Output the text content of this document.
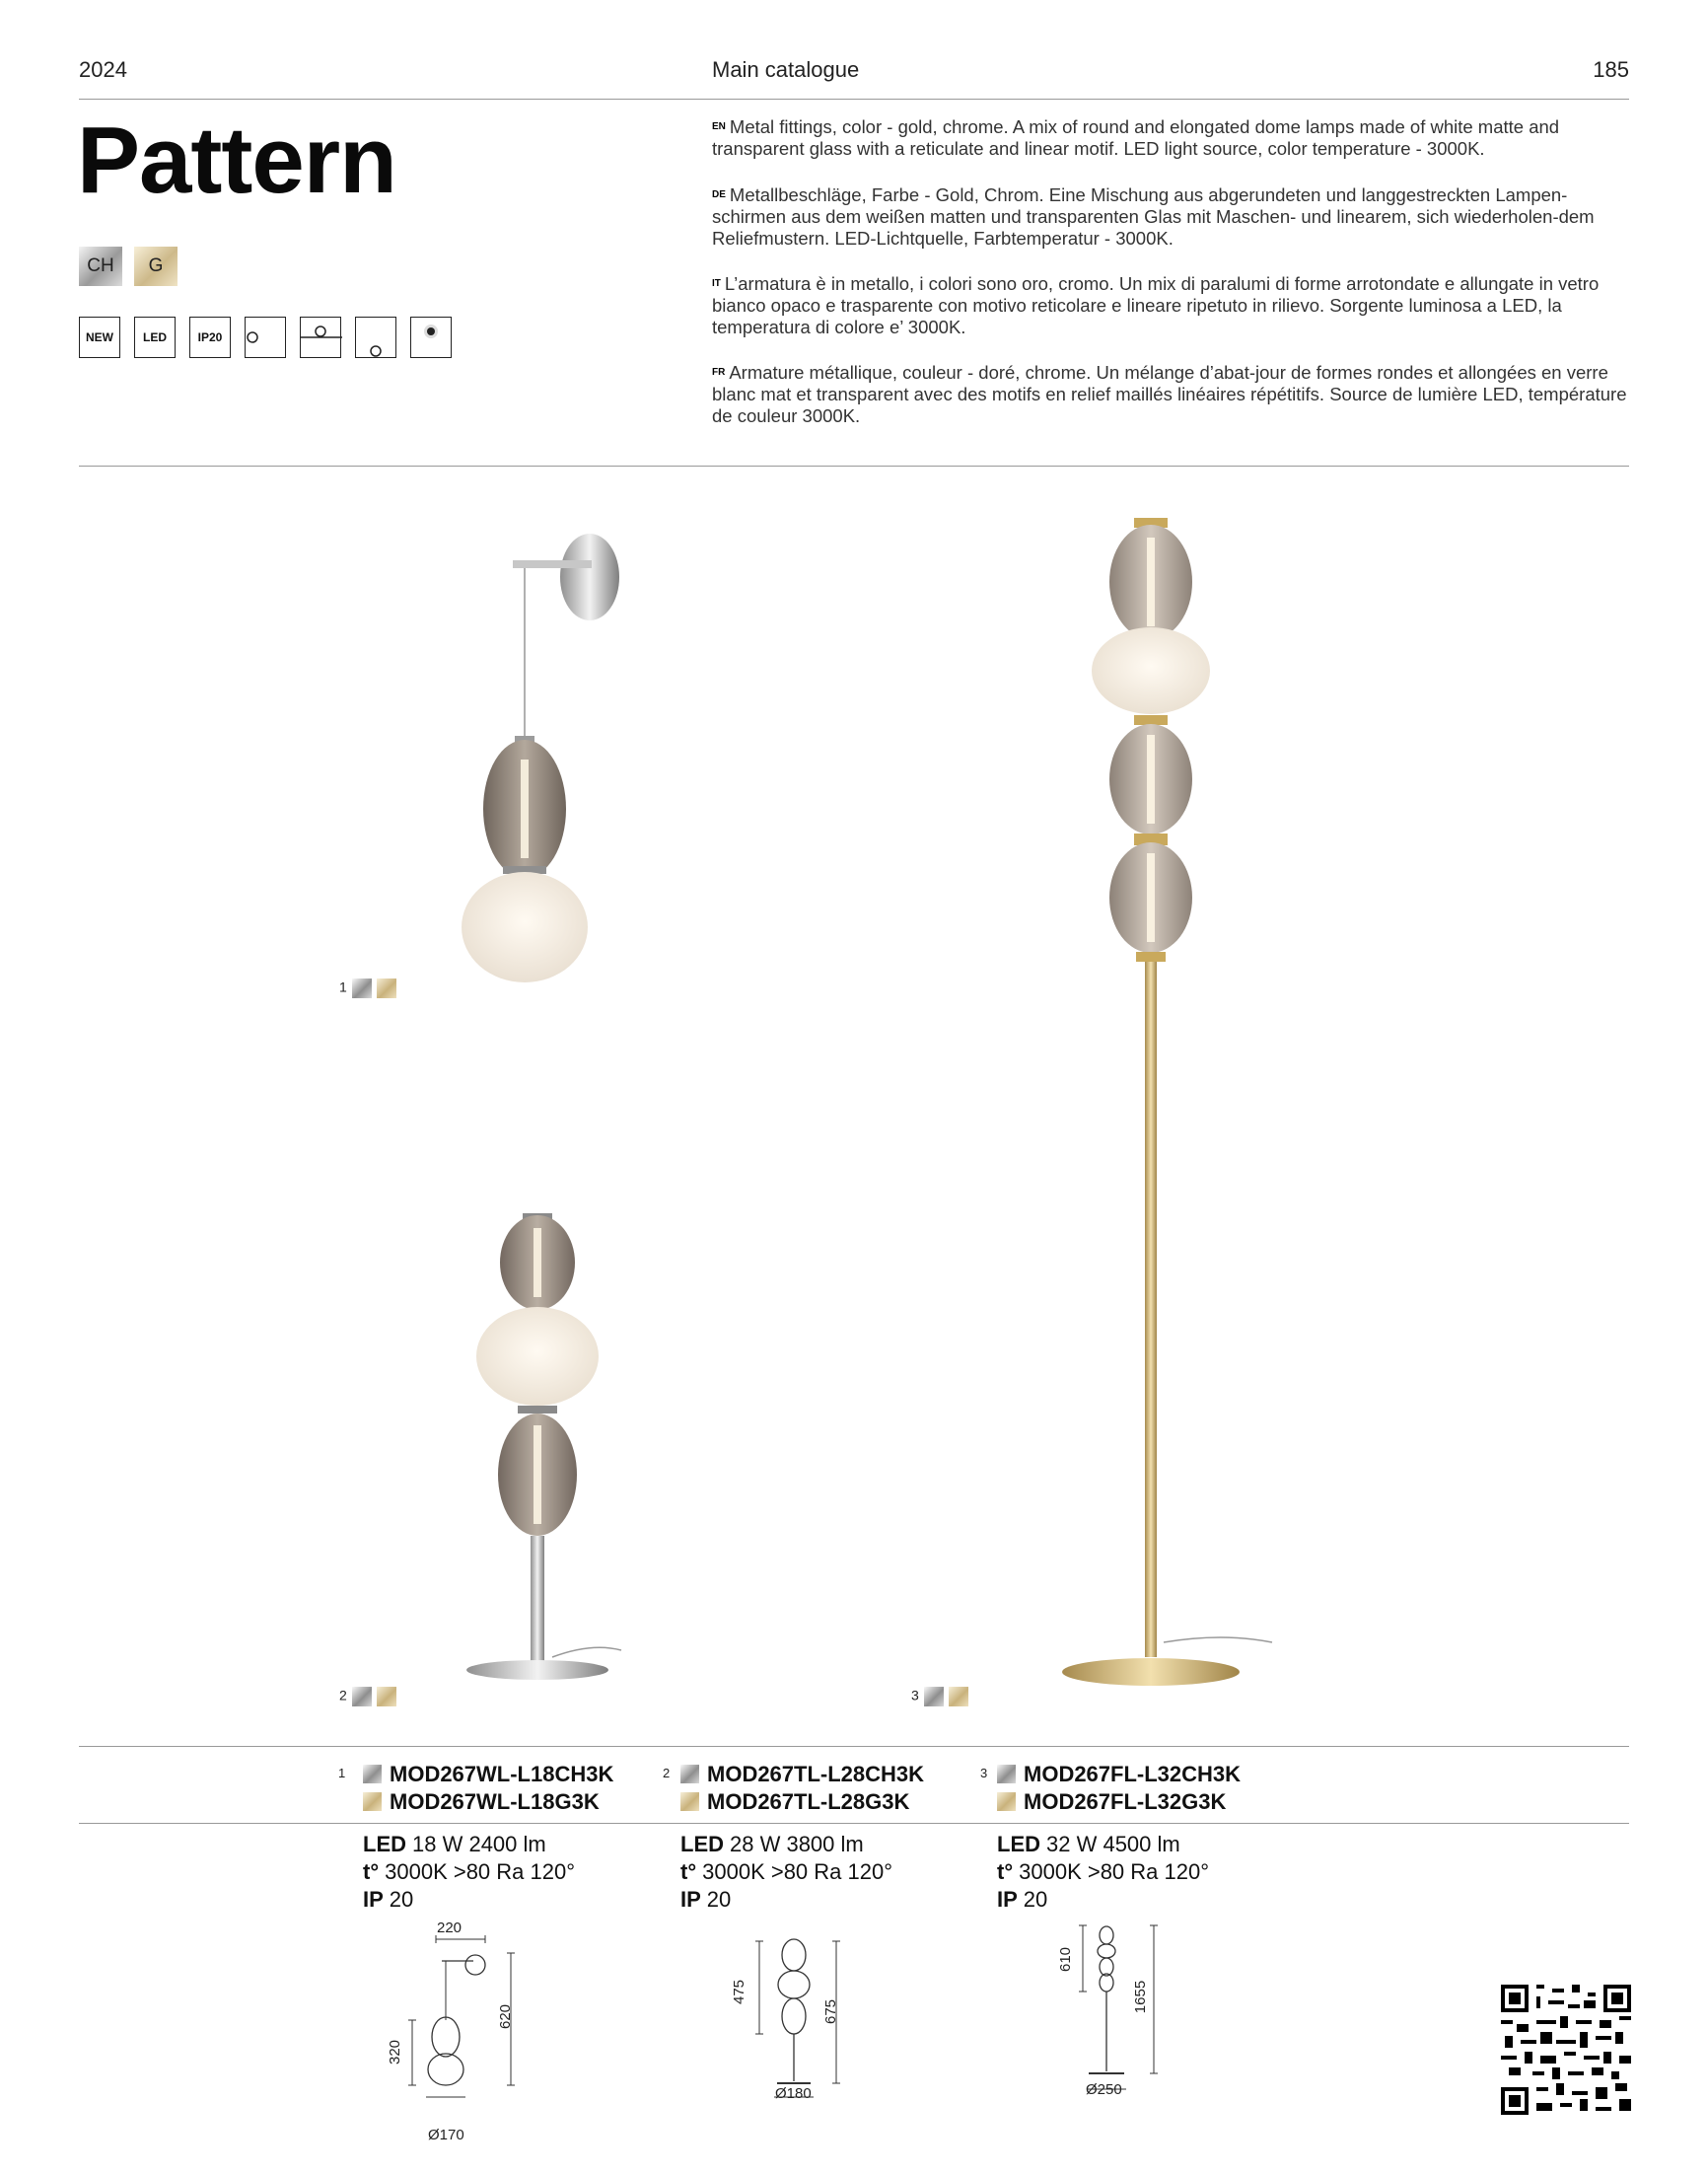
2024	Main catalogue	185
Pattern
CH	G
NEW	LED	IP20
$^{EN}$ Metal fittings, color - gold, chrome. A mix of round and elongated dome lamps made of white matte and transparent glass with a reticulate and linear motif. LED light source, color temperature - 3000K.
$^{DE}$ Metallbeschläge, Farbe - Gold, Chrom. Eine Mischung aus abgerundeten und langgestreckten Lampen-schirmen aus dem weißen matten und transparenten Glas mit Maschen- und linearem, sich wiederholen-dem Reliefmustern. LED-Lichtquelle, Farbtemperatur - 3000K.
$^{IT}$ L’armatura è in metallo, i colori sono oro, cromo. Un mix di paralumi di forme arrotondate e allungate in vetro bianco opaco e trasparente con motivo reticolare e lineare ripetuto in rilievo. Sorgente luminosa a LED, la temperatura di colore e’ 3000K.
$^{FR}$ Armature métallique, couleur - doré, chrome. Un mélange d’abat-jour de formes rondes et allongées en verre blanc mat et transparent avec des motifs en relief maillés linéaires répétitifs. Source de lumière LED, température de couleur 3000K.
1
2	3
1	MOD267WL-L18CH3K
MOD267WL-L18G3K
2	MOD267TL-L28CH3K
MOD267TL-L28G3K
3	MOD267FL-L32CH3K
MOD267FL-L32G3K
LED 18 W 2400 lm
t° 3000K >80 Ra 120°
IP 20
LED 28 W 3800 lm
t° 3000K >80 Ra 120°
IP 20
LED 32 W 4500 lm
t° 3000K >80 Ra 120°
IP 20
220
320
620
Ø170
475
675
Ø180
610
1655
Ø250
